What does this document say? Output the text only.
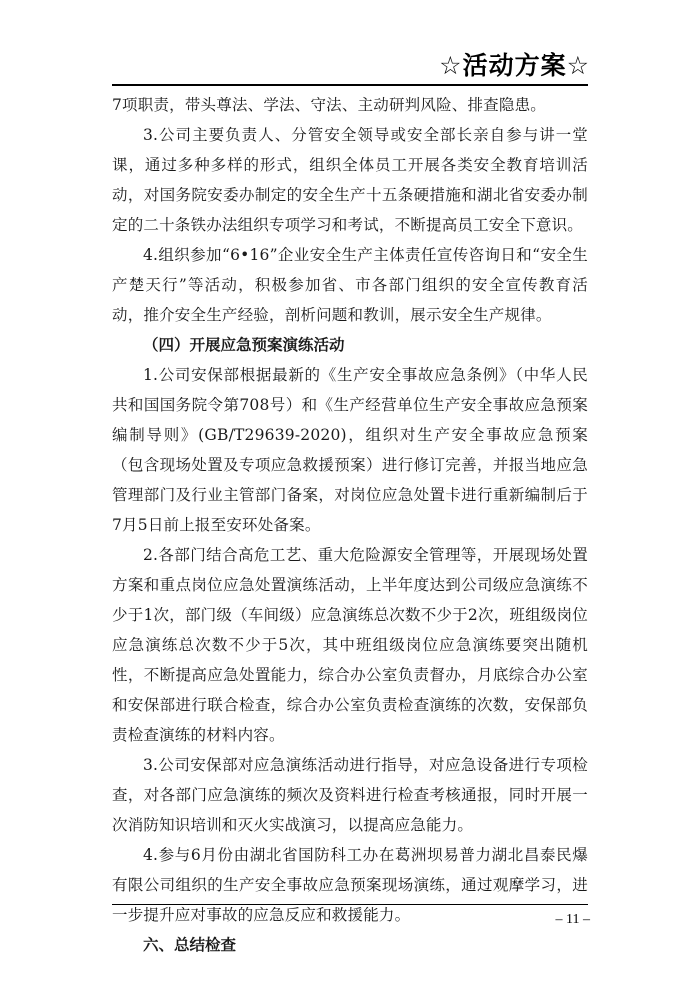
☆活动方案☆

7项职责，带头尊法、学法、守法、主动研判风险、排查隐患。

3.公司主要负责人、分管安全领导或安全部长亲自参与讲一堂课，通过多种多样的形式，组织全体员工开展各类安全教育培训活动，对国务院安委办制定的安全生产十五条硬措施和湖北省安委办制定的二十条铁办法组织专项学习和考试，不断提高员工安全下意识。

4.组织参加“6•16”企业安全生产主体责任宣传咨询日和“安全生产楚天行”等活动，积极参加省、市各部门组织的安全宣传教育活动，推介安全生产经验，剖析问题和教训，展示安全生产规律。

（四）开展应急预案演练活动

1.公司安保部根据最新的《生产安全事故应急条例》（中华人民共和国国务院令第708号）和《生产经营单位生产安全事故应急预案编制导则》(GB/T29639-2020)，组织对生产安全事故应急预案（包含现场处置及专项应急救援预案）进行修订完善，并报当地应急管理部门及行业主管部门备案，对岗位应急处置卡进行重新编制后于7月5日前上报至安环处备案。

2.各部门结合高危工艺、重大危险源安全管理等，开展现场处置方案和重点岗位应急处置演练活动，上半年度达到公司级应急演练不少于1次，部门级（车间级）应急演练总次数不少于2次，班组级岗位应急演练总次数不少于5次，其中班组级岗位应急演练要突出随机性，不断提高应急处置能力，综合办公室负责督办，月底综合办公室和安保部进行联合检查，综合办公室负责检查演练的次数，安保部负责检查演练的材料内容。

3.公司安保部对应急演练活动进行指导，对应急设备进行专项检查，对各部门应急演练的频次及资料进行检查考核通报，同时开展一次消防知识培训和灭火实战演习，以提高应急能力。

4.参与6月份由湖北省国防科工办在葛洲坝易普力湖北昌泰民爆有限公司组织的生产安全事故应急预案现场演练，通过观摩学习，进一步提升应对事故的应急反应和救援能力。

六、总结检查

– 11 –
